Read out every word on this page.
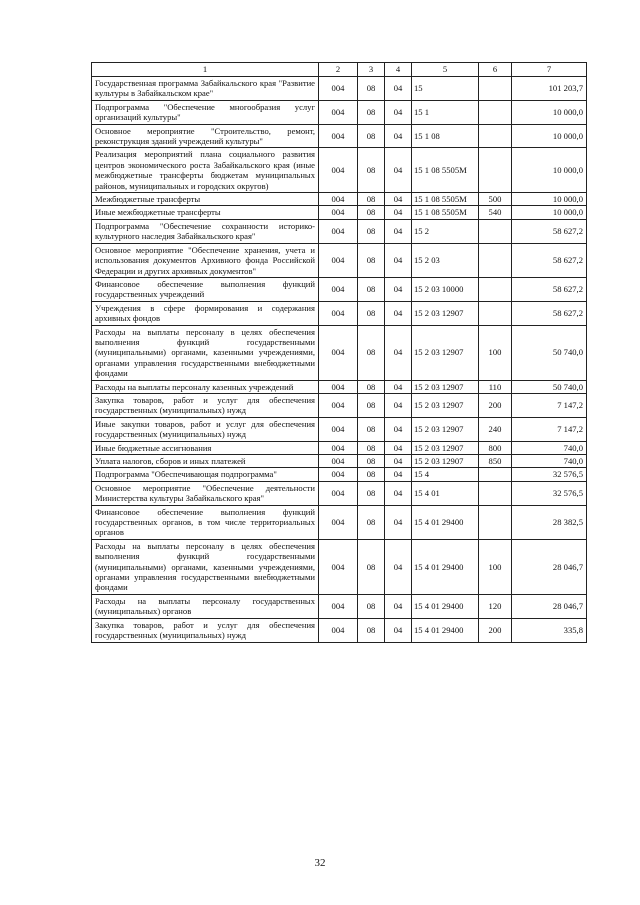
1	2	3	4	5	6	7
Государственная программа Забайкальского края "Развитие культуры в Забайкальском крае"	004	08	04	15		101 203,7
Подпрограмма "Обеспечение многообразия услуг организаций культуры"	004	08	04	15 1		10 000,0
Основное мероприятие "Строительство, ремонт, реконструкция зданий учреждений культуры"	004	08	04	15 1 08		10 000,0
Реализация мероприятий плана социального развития центров экономического роста Забайкальского края (иные межбюджетные трансферты бюджетам муниципальных районов, муниципальных и городских округов)	004	08	04	15 1 08 5505M		10 000,0
Межбюджетные трансферты	004	08	04	15 1 08 5505M	500	10 000,0
Иные межбюджетные трансферты	004	08	04	15 1 08 5505M	540	10 000,0
Подпрограмма "Обеспечение сохранности историко-культурного наследия Забайкальского края"	004	08	04	15 2		58 627,2
Основное мероприятие "Обеспечение хранения, учета и использования документов Архивного фонда Российской Федерации и других архивных документов"	004	08	04	15 2 03		58 627,2
Финансовое обеспечение выполнения функций государственных учреждений	004	08	04	15 2 03 10000		58 627,2
Учреждения в сфере формирования и содержания архивных фондов	004	08	04	15 2 03 12907		58 627,2
Расходы на выплаты персоналу в целях обеспечения выполнения функций государственными (муниципальными) органами, казенными учреждениями, органами управления государственными внебюджетными фондами	004	08	04	15 2 03 12907	100	50 740,0
Расходы на выплаты персоналу казенных учреждений	004	08	04	15 2 03 12907	110	50 740,0
Закупка товаров, работ и услуг для обеспечения государственных (муниципальных) нужд	004	08	04	15 2 03 12907	200	7 147,2
Иные закупки товаров, работ и услуг для обеспечения государственных (муниципальных) нужд	004	08	04	15 2 03 12907	240	7 147,2
Иные бюджетные ассигнования	004	08	04	15 2 03 12907	800	740,0
Уплата налогов, сборов и иных платежей	004	08	04	15 2 03 12907	850	740,0
Подпрограмма "Обеспечивающая подпрограмма"	004	08	04	15 4		32 576,5
Основное мероприятие "Обеспечение деятельности Министерства культуры Забайкальского края"	004	08	04	15 4 01		32 576,5
Финансовое обеспечение выполнения функций государственных органов, в том числе территориальных органов	004	08	04	15 4 01 29400		28 382,5
Расходы на выплаты персоналу в целях обеспечения выполнения функций государственными (муниципальными) органами, казенными учреждениями, органами управления государственными внебюджетными фондами	004	08	04	15 4 01 29400	100	28 046,7
Расходы на выплаты персоналу государственных (муниципальных) органов	004	08	04	15 4 01 29400	120	28 046,7
Закупка товаров, работ и услуг для обеспечения государственных (муниципальных) нужд	004	08	04	15 4 01 29400	200	335,8
32
